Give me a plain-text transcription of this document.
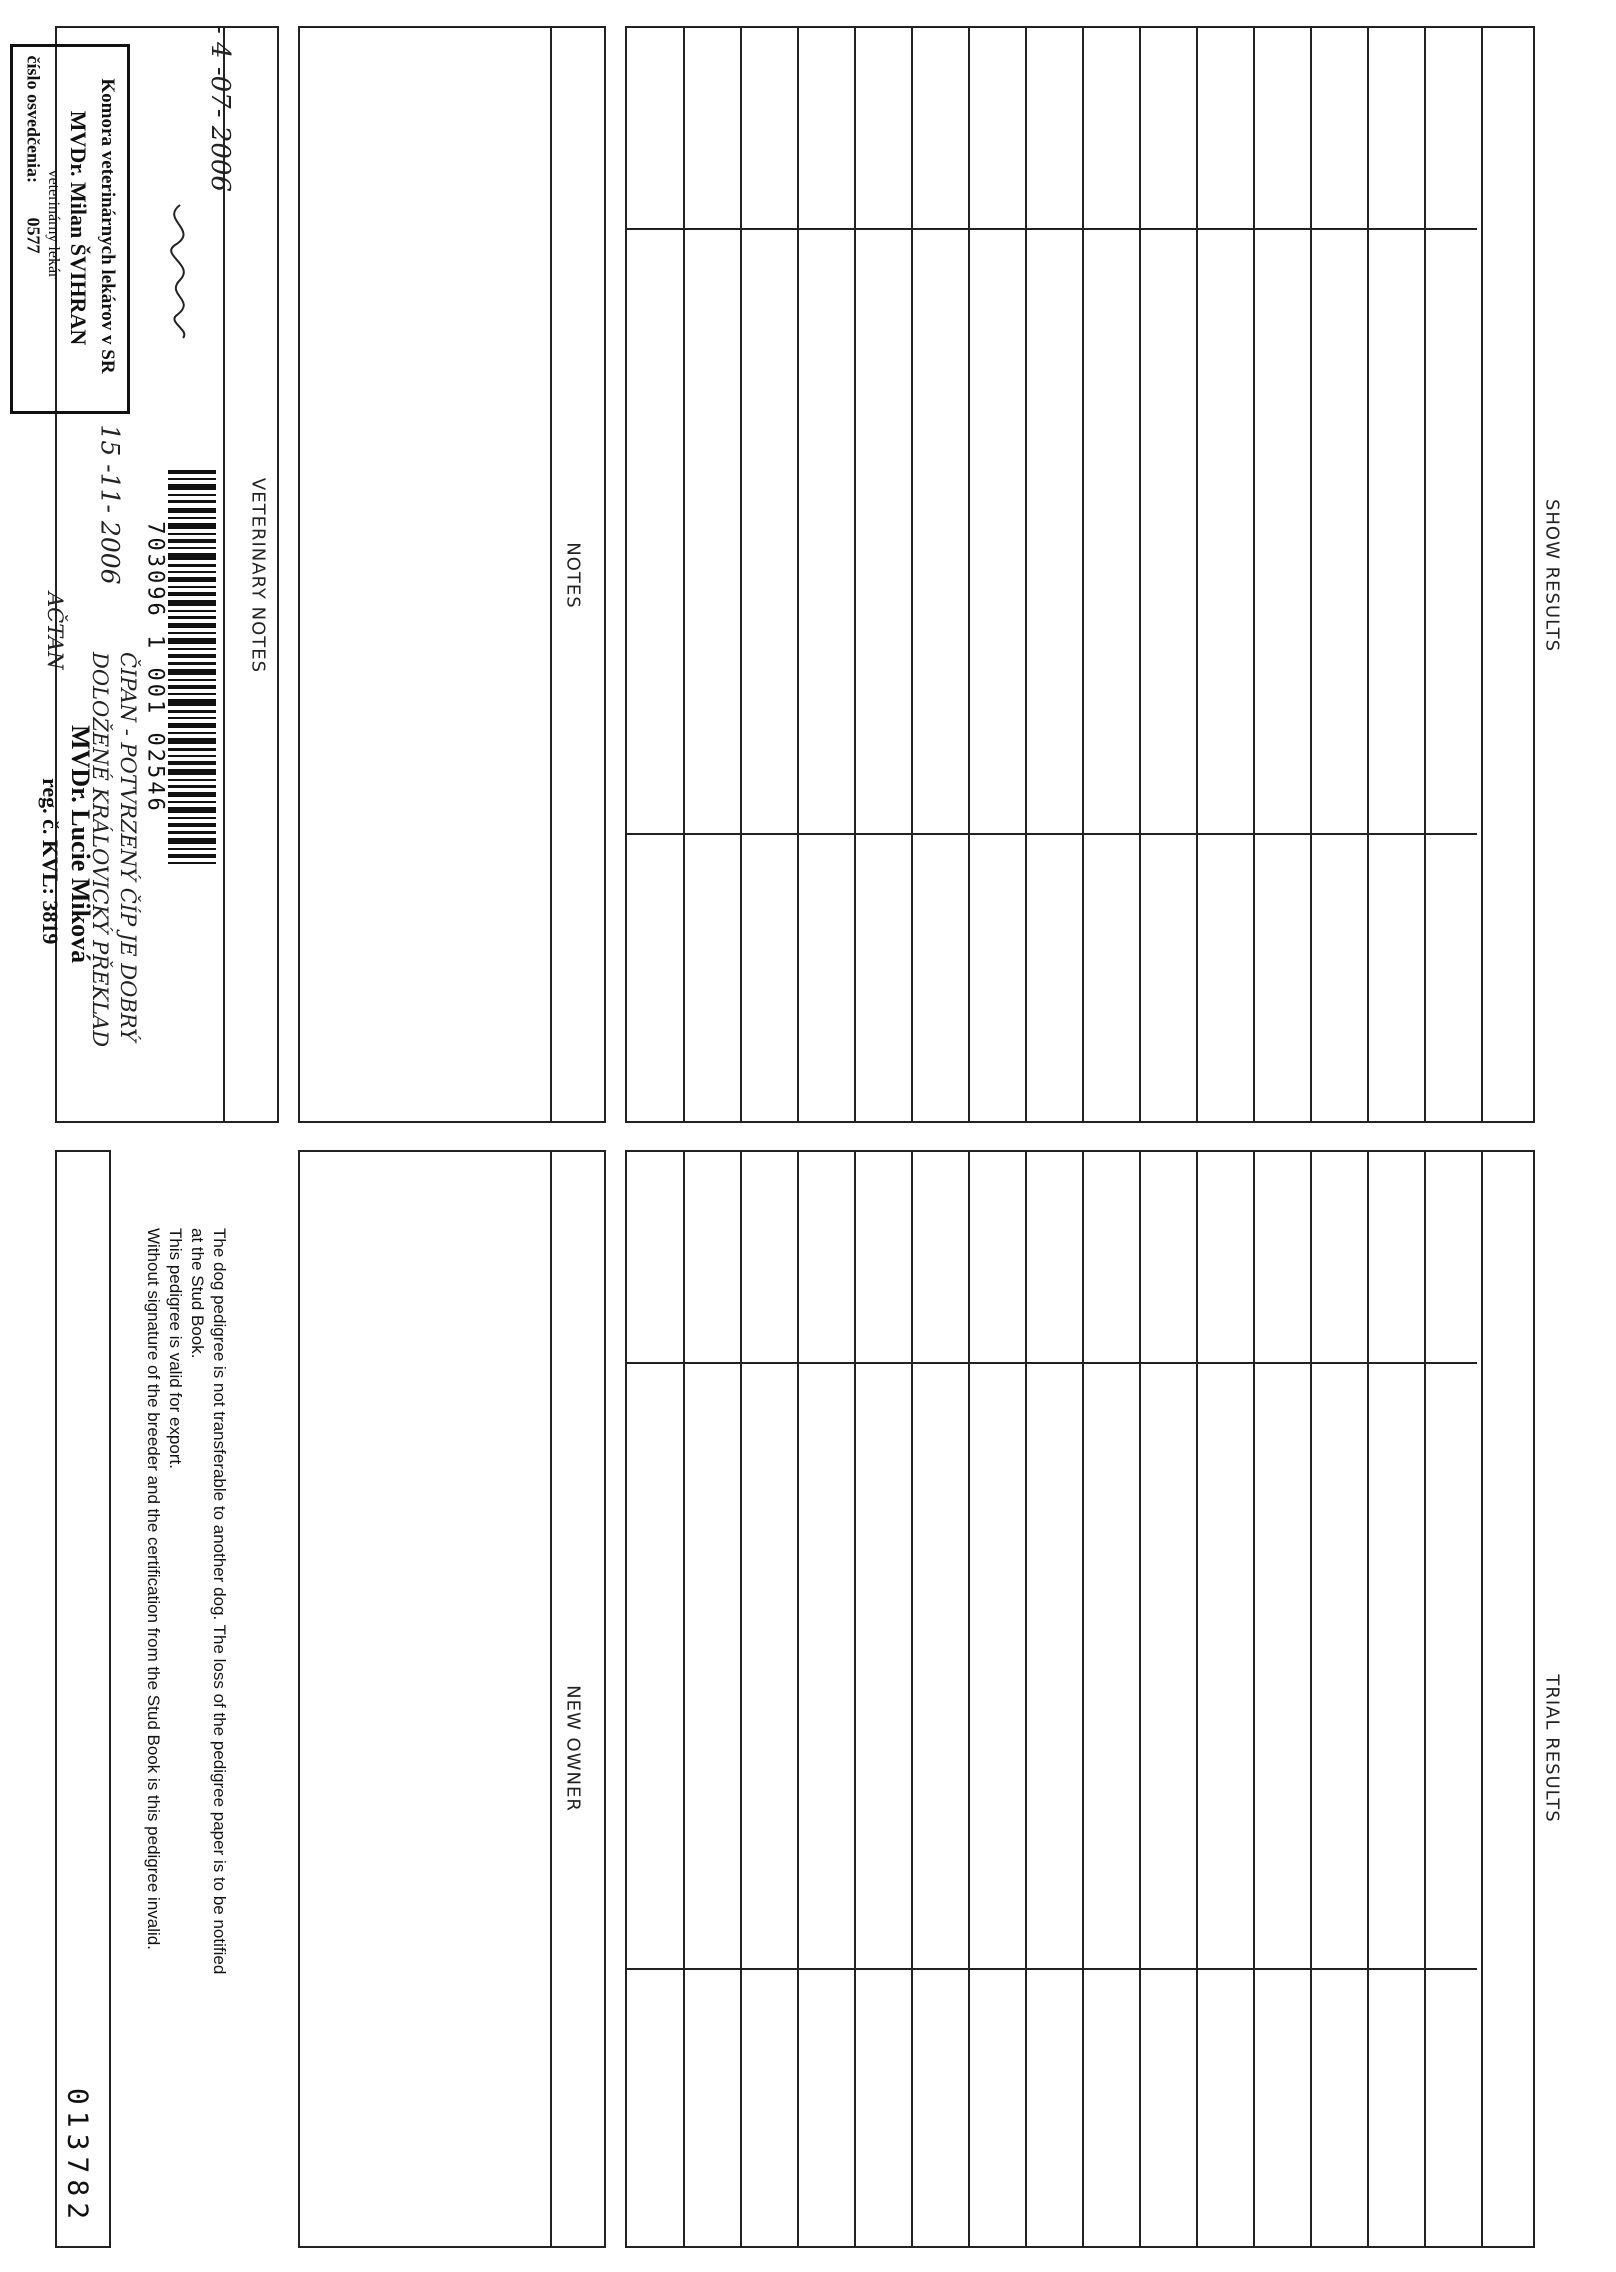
SHOW RESULTS
TRIAL RESULTS
NOTES
NEW OWNER
VETERINARY NOTES
- 4 -07- 2006
Komora veterinárnych lekárov v SR
MVDr. Milan ŠVIHRAN
veterinárny lekár
číslo osvedčenia: 0577
703096 1 001 02546
15 -11- 2006
ČIPAN - POTVRZENÝ ČÍP JE DOBRÝ
DOLOŽENÉ KRÁLOVICKÝ PŘEKLAD
AČTAN
MVDr. Lucie Miková
reg. č. KVL: 3819
The dog pedigree is not transferable to another dog. The loss of the pedigree paper is to be notified
at the Stud Book.
This pedigree is valid for export.
Without signature of the breeder and the certification from the Stud Book is this pedigree invalid.
013782
